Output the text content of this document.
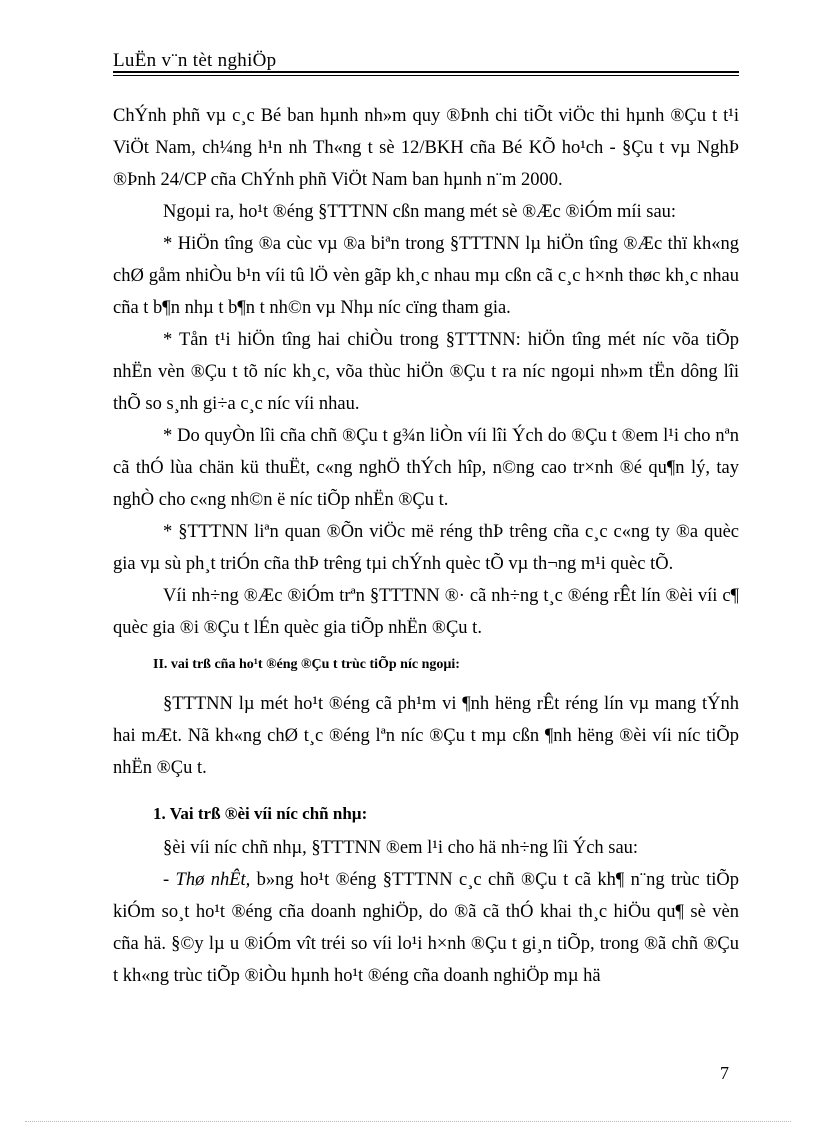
LuËn v¨n tèt nghiÖp

ChÝnh phñ vµ c¸c Bé ban hµnh nh»m quy ®Þnh chi tiÕt viÖc thi hµnh ®Çu t t¹i ViÖt Nam, ch¼ng h¹n nh Th«ng t sè 12/BKH cña Bé KÕ ho¹ch - §Çu t vµ NghÞ ®Þnh 24/CP cña ChÝnh phñ ViÖt Nam ban hµnh n¨m 2000.

Ngoµi ra, ho¹t ®éng §TTTNN cßn mang mét sè ®Æc ®iÓm míi sau:

* HiÖn tîng ®a cùc vµ ®a biªn trong §TTTNN lµ hiÖn tîng ®Æc thï kh«ng chØ gåm nhiÒu b¹n víi tû lÖ vèn gãp kh¸c nhau mµ cßn cã c¸c h×nh thøc kh¸c nhau cña t b¶n nhµ t b¶n t nh©n vµ Nhµ níc cïng tham gia.

* Tån t¹i hiÖn tîng hai chiÒu trong §TTTNN: hiÖn tîng mét níc võa tiÕp nhËn vèn ®Çu t tõ níc kh¸c, võa thùc hiÖn ®Çu t ra níc ngoµi nh»m tËn dông lîi thÕ so s¸nh gi÷a c¸c níc víi nhau.

* Do quyÒn lîi cña chñ ®Çu t g¾n liÒn víi lîi Ých do ®Çu t ®em l¹i cho nªn cã thÓ lùa chän kü thuËt, c«ng nghÖ thÝch hîp, n©ng cao tr×nh ®é qu¶n lý, tay nghÒ cho c«ng nh©n ë níc tiÕp nhËn ®Çu t.

* §TTTNN liªn quan ®Õn viÖc më réng thÞ trêng cña c¸c c«ng ty ®a quèc gia vµ sù ph¸t triÓn cña thÞ trêng tµi chÝnh quèc tÕ vµ th¬ng m¹i quèc tÕ.

Víi nh÷ng ®Æc ®iÓm trªn §TTTNN ®· cã nh÷ng t¸c ®éng rÊt lín ®èi víi c¶ quèc gia ®i ®Çu t lÉn quèc gia tiÕp nhËn ®Çu t.

II. vai trß cña ho¹t ®éng ®Çu t trùc tiÕp níc ngoµi:

§TTTNN lµ mét ho¹t ®éng cã ph¹m vi ¶nh hëng rÊt réng lín vµ mang tÝnh hai mÆt. Nã kh«ng chØ t¸c ®éng lªn níc ®Çu t mµ cßn ¶nh hëng ®èi víi níc tiÕp nhËn ®Çu t.

1. Vai trß ®èi víi níc chñ nhµ:

§èi víi níc chñ nhµ, §TTTNN ®em l¹i cho hä nh÷ng lîi Ých sau:

- Thø nhÊt, b»ng ho¹t ®éng §TTTNN c¸c chñ ®Çu t cã kh¶ n¨ng trùc tiÕp kiÓm so¸t ho¹t ®éng cña doanh nghiÖp, do ®ã cã thÓ khai th¸c hiÖu qu¶ sè vèn cña hä. §©y lµ u ®iÓm vît tréi so víi lo¹i h×nh ®Çu t gi¸n tiÕp, trong ®ã chñ ®Çu t kh«ng trùc tiÕp ®iÒu hµnh ho¹t ®éng cña doanh nghiÖp mµ hä

7
